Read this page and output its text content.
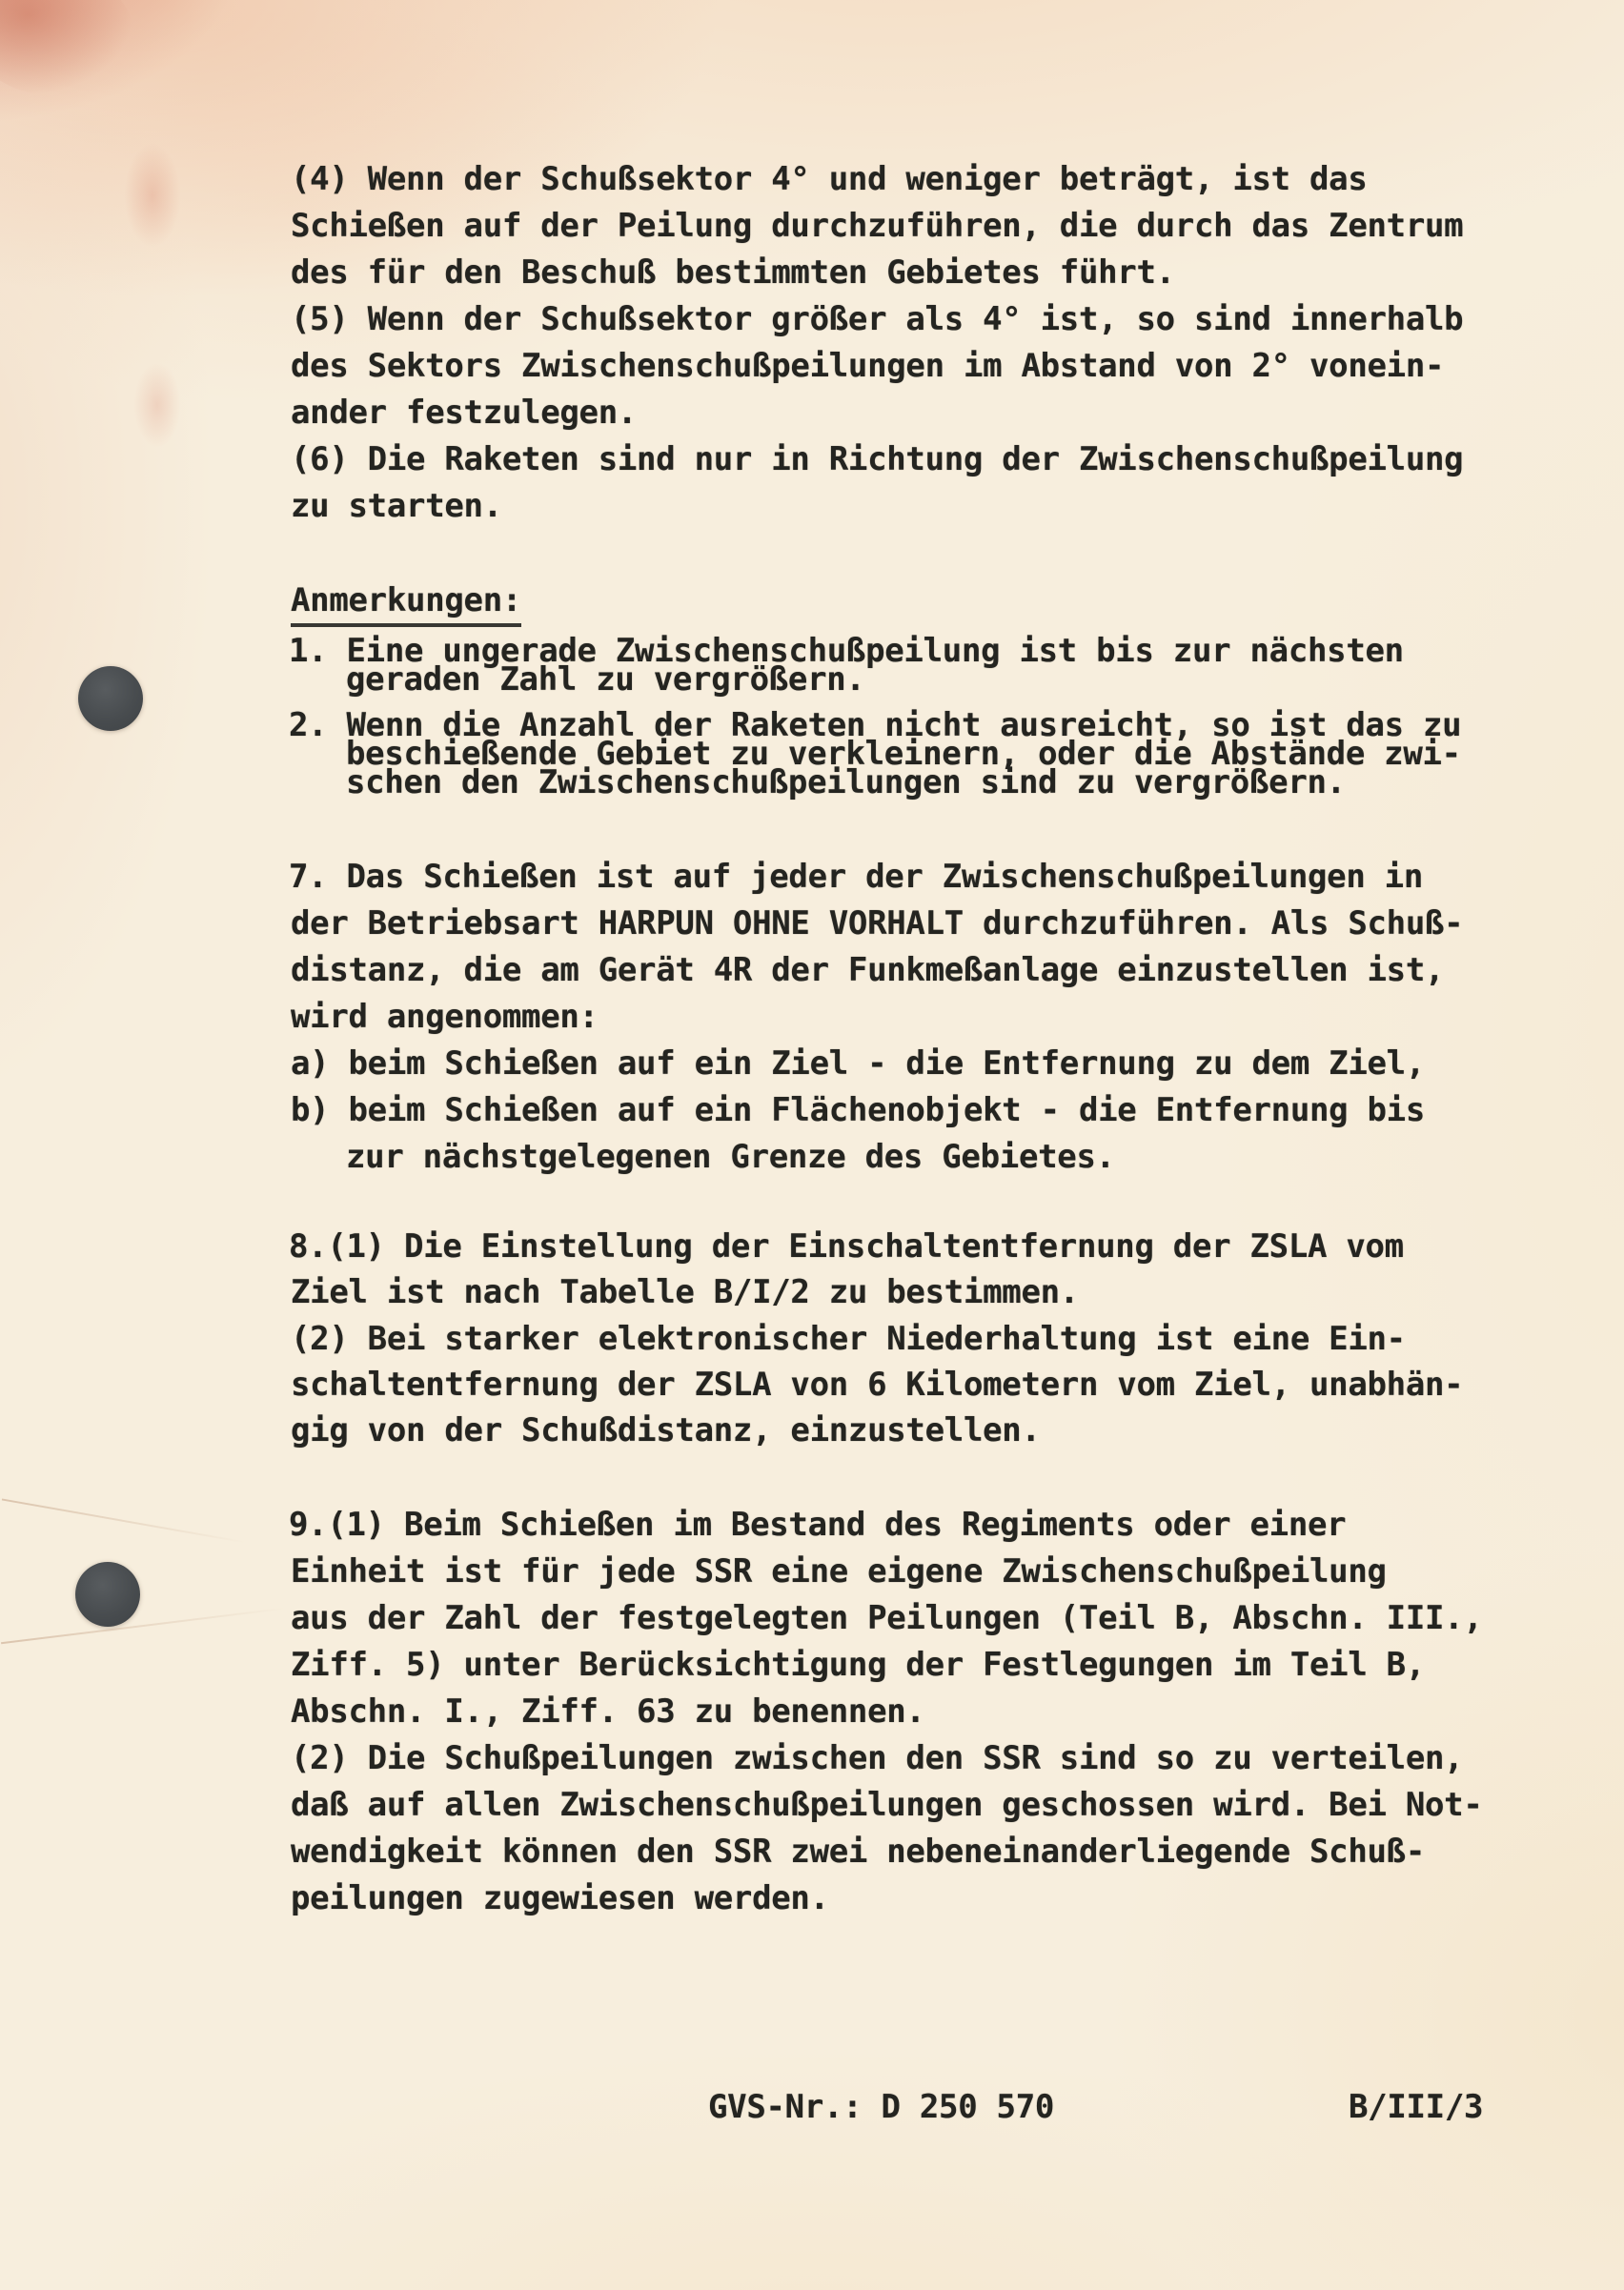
(4) Wenn der Schußsektor 4° und weniger beträgt, ist das
Schießen auf der Peilung durchzuführen, die durch das Zentrum
des für den Beschuß bestimmten Gebietes führt.
(5) Wenn der Schußsektor größer als 4° ist, so sind innerhalb
des Sektors Zwischenschußpeilungen im Abstand von 2° vonein-
ander festzulegen.
(6) Die Raketen sind nur in Richtung der Zwischenschußpeilung
zu starten.
Anmerkungen:
1. Eine ungerade Zwischenschußpeilung ist bis zur nächsten
geraden Zahl zu vergrößern.
2. Wenn die Anzahl der Raketen nicht ausreicht, so ist das zu
beschießende Gebiet zu verkleinern, oder die Abstände zwi-
schen den Zwischenschußpeilungen sind zu vergrößern.
7. Das Schießen ist auf jeder der Zwischenschußpeilungen in
der Betriebsart HARPUN OHNE VORHALT durchzuführen. Als Schuß-
distanz, die am Gerät 4R der Funkmeßanlage einzustellen ist,
wird angenommen:
a) beim Schießen auf ein Ziel - die Entfernung zu dem Ziel,
b) beim Schießen auf ein Flächenobjekt - die Entfernung bis
zur nächstgelegenen Grenze des Gebietes.
8.(1) Die Einstellung der Einschaltentfernung der ZSLA vom
Ziel ist nach Tabelle B/I/2 zu bestimmen.
(2) Bei starker elektronischer Niederhaltung ist eine Ein-
schaltentfernung der ZSLA von 6 Kilometern vom Ziel, unabhän-
gig von der Schußdistanz, einzustellen.
9.(1) Beim Schießen im Bestand des Regiments oder einer
Einheit ist für jede SSR eine eigene Zwischenschußpeilung
aus der Zahl der festgelegten Peilungen (Teil B, Abschn. III.,
Ziff. 5) unter Berücksichtigung der Festlegungen im Teil B,
Abschn. I., Ziff. 63 zu benennen.
(2) Die Schußpeilungen zwischen den SSR sind so zu verteilen,
daß auf allen Zwischenschußpeilungen geschossen wird. Bei Not-
wendigkeit können den SSR zwei nebeneinanderliegende Schuß-
peilungen zugewiesen werden.
GVS-Nr.: D 250 570	B/III/3
